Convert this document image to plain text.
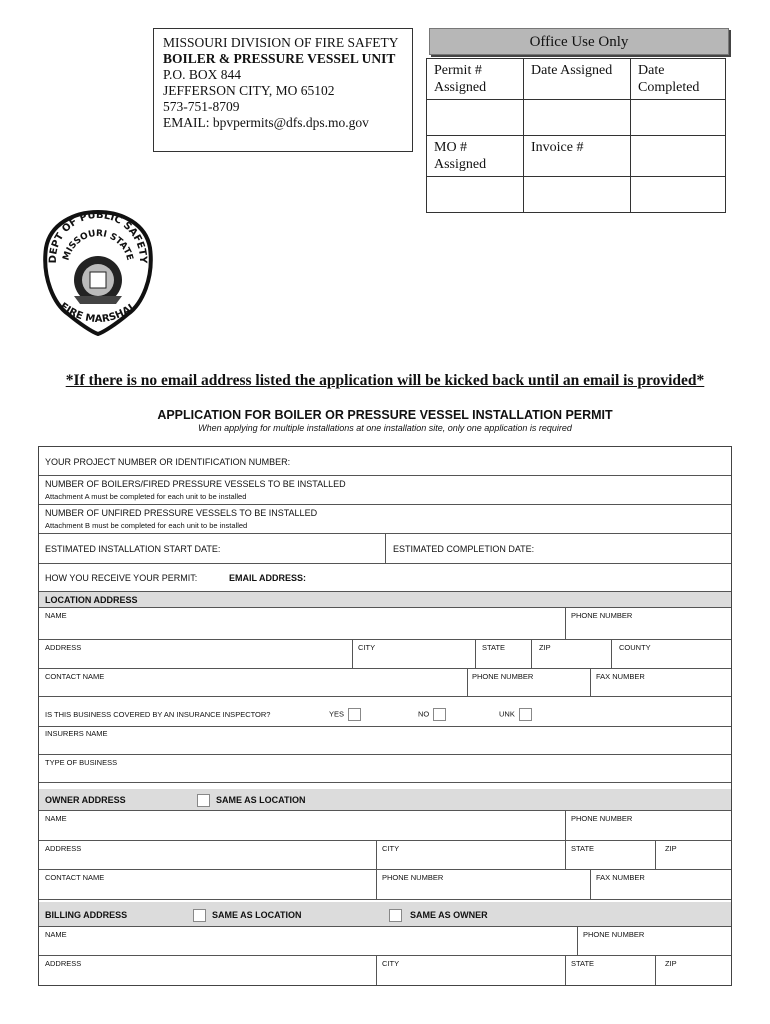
MISSOURI DIVISION OF FIRE SAFETY
BOILER & PRESSURE VESSEL UNIT
P.O. BOX 844
JEFFERSON CITY, MO 65102
573-751-8709
EMAIL: bpvpermits@dfs.dps.mo.gov
Office Use Only
Permit # Assigned	Date Assigned	Date Completed

MO # Assigned	Invoice #	

DEPT OF PUBLIC SAFETY
MISSOURI STATE
FIRE MARSHAL
*If there is no email address listed the application will be kicked back until an email is provided*
APPLICATION FOR BOILER OR PRESSURE VESSEL INSTALLATION PERMIT
When applying for multiple installations at one installation site, only one application is required
YOUR PROJECT NUMBER OR IDENTIFICATION NUMBER:
NUMBER OF BOILERS/FIRED PRESSURE VESSELS TO BE INSTALLED
Attachment A must be completed for each unit to be installed
NUMBER OF UNFIRED PRESSURE VESSELS TO BE INSTALLED
Attachment B must be completed for each unit to be installed
ESTIMATED INSTALLATION START DATE:	ESTIMATED COMPLETION DATE:
HOW YOU RECEIVE YOUR PERMIT:	EMAIL ADDRESS:
LOCATION ADDRESS
NAME	PHONE NUMBER
ADDRESS	CITY	STATE	ZIP	COUNTY
CONTACT NAME	PHONE NUMBER	FAX NUMBER
IS THIS BUSINESS COVERED BY AN INSURANCE INSPECTOR?	YES	NO	UNK
INSURERS NAME
TYPE OF BUSINESS
OWNER ADDRESS	SAME AS LOCATION
NAME	PHONE NUMBER
ADDRESS	CITY	STATE	ZIP
CONTACT NAME	PHONE NUMBER	FAX NUMBER
BILLING ADDRESS	SAME AS LOCATION	SAME AS OWNER
NAME	PHONE NUMBER
ADDRESS	CITY	STATE	ZIP
